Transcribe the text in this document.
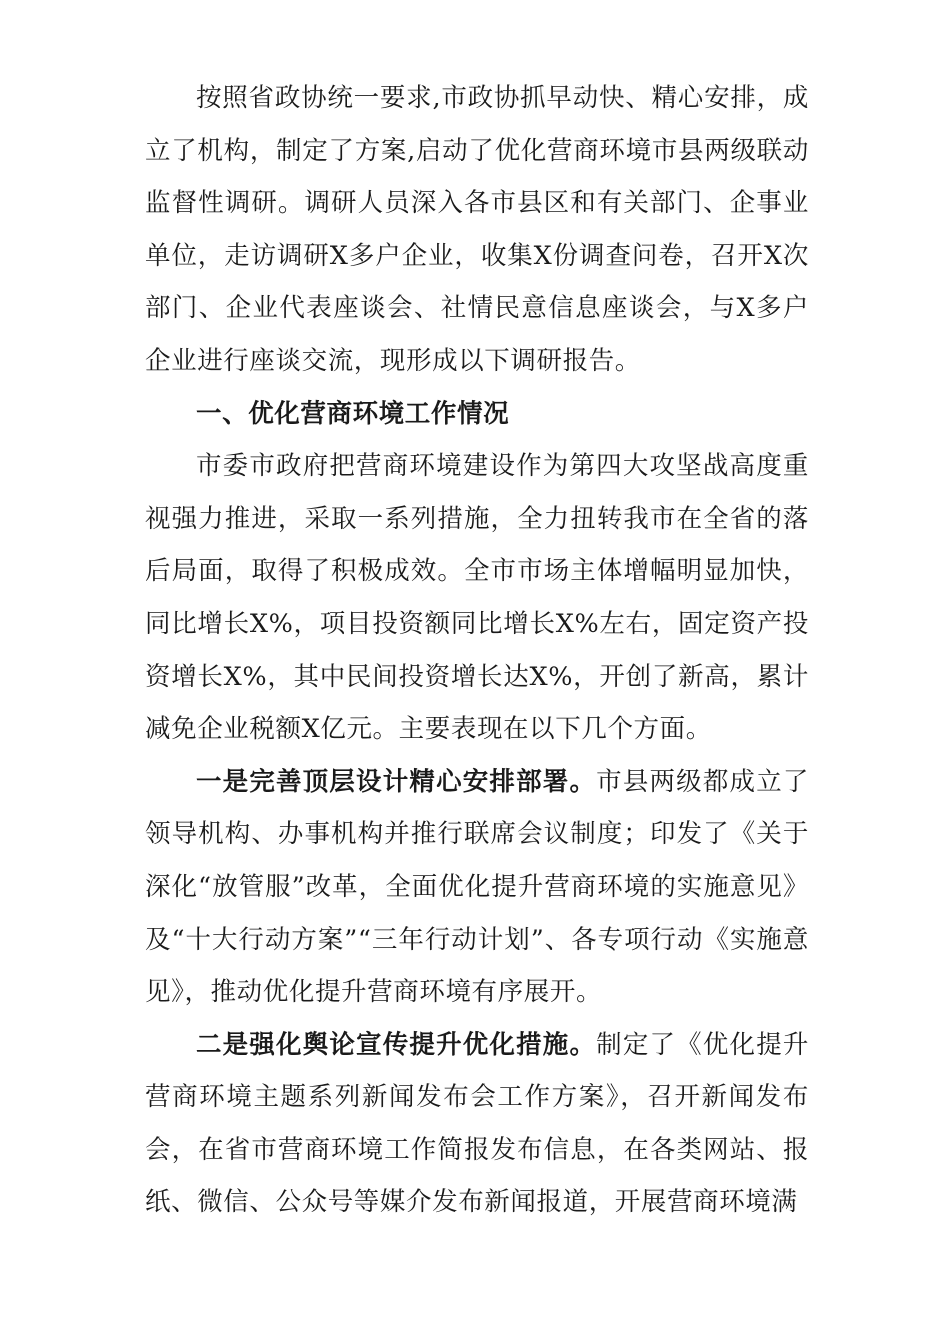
按照省政协统一要求,市政协抓早动快、精心安排，成立了机构，制定了方案,启动了优化营商环境市县两级联动监督性调研。调研人员深入各市县区和有关部门、企事业单位，走访调研X多户企业，收集X份调查问卷，召开X次部门、企业代表座谈会、社情民意信息座谈会，与X多户企业进行座谈交流，现形成以下调研报告。

一、优化营商环境工作情况

市委市政府把营商环境建设作为第四大攻坚战高度重视强力推进，采取一系列措施，全力扭转我市在全省的落后局面，取得了积极成效。全市市场主体增幅明显加快，同比增长X%，项目投资额同比增长X%左右，固定资产投资增长X%，其中民间投资增长达X%，开创了新高，累计减免企业税额X亿元。主要表现在以下几个方面。

一是完善顶层设计精心安排部署。市县两级都成立了领导机构、办事机构并推行联席会议制度；印发了《关于深化“放管服”改革，全面优化提升营商环境的实施意见》及“十大行动方案”“三年行动计划”、各专项行动《实施意见》，推动优化提升营商环境有序展开。

二是强化舆论宣传提升优化措施。制定了《优化提升营商环境主题系列新闻发布会工作方案》，召开新闻发布会，在省市营商环境工作简报发布信息，在各类网站、报纸、微信、公众号等媒介发布新闻报道，开展营商环境满
